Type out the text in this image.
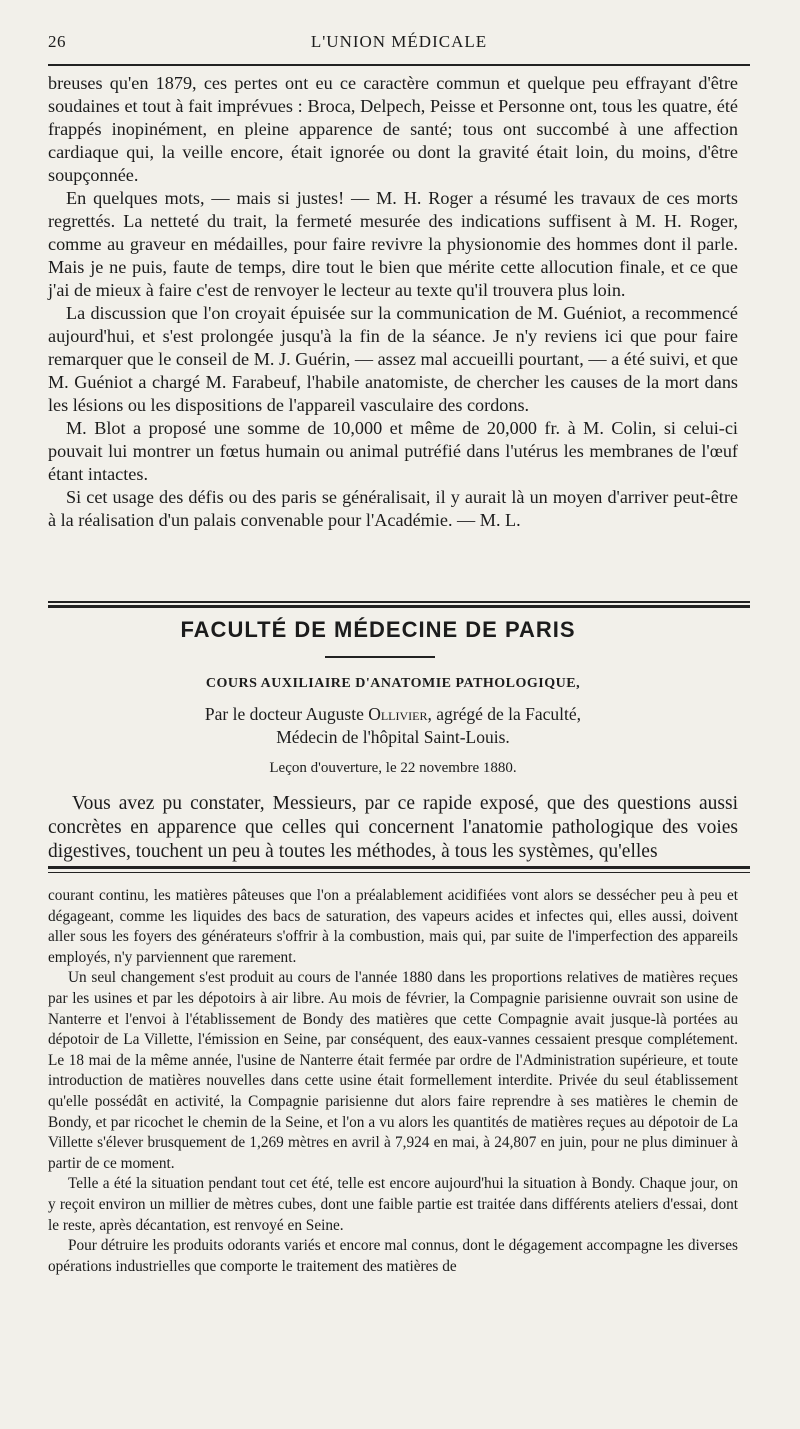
26	L'UNION MÉDICALE

breuses qu'en 1879, ces pertes ont eu ce caractère commun et quelque peu effrayant d'être soudaines et tout à fait imprévues : Broca, Delpech, Peisse et Personne ont, tous les quatre, été frappés inopinément, en pleine apparence de santé; tous ont succombé à une affection cardiaque qui, la veille encore, était ignorée ou dont la gravité était loin, du moins, d'être soupçonnée.

En quelques mots, — mais si justes! — M. H. Roger a résumé les travaux de ces morts regrettés. La netteté du trait, la fermeté mesurée des indications suffisent à M. H. Roger, comme au graveur en médailles, pour faire revivre la physionomie des hommes dont il parle. Mais je ne puis, faute de temps, dire tout le bien que mérite cette allocution finale, et ce que j'ai de mieux à faire c'est de renvoyer le lecteur au texte qu'il trouvera plus loin.

La discussion que l'on croyait épuisée sur la communication de M. Guéniot, a recommencé aujourd'hui, et s'est prolongée jusqu'à la fin de la séance. Je n'y reviens ici que pour faire remarquer que le conseil de M. J. Guérin, — assez mal accueilli pourtant, — a été suivi, et que M. Guéniot a chargé M. Farabeuf, l'habile anatomiste, de chercher les causes de la mort dans les lésions ou les dispositions de l'appareil vasculaire des cordons.

M. Blot a proposé une somme de 10,000 et même de 20,000 fr. à M. Colin, si celui-ci pouvait lui montrer un fœtus humain ou animal putréfié dans l'utérus les membranes de l'œuf étant intactes.

Si cet usage des défis ou des paris se généralisait, il y aurait là un moyen d'arriver peut-être à la réalisation d'un palais convenable pour l'Académie. — M. L.

FACULTÉ DE MÉDECINE DE PARIS
COURS AUXILIAIRE D'ANATOMIE PATHOLOGIQUE,
Par le docteur Auguste Ollivier, agrégé de la Faculté,
Médecin de l'hôpital Saint-Louis.
Leçon d'ouverture, le 22 novembre 1880.

Vous avez pu constater, Messieurs, par ce rapide exposé, que des questions aussi concrètes en apparence que celles qui concernent l'anatomie pathologique des voies digestives, touchent un peu à toutes les méthodes, à tous les systèmes, qu'elles

courant continu, les matières pâteuses que l'on a préalablement acidifiées vont alors se dessécher peu à peu et dégageant, comme les liquides des bacs de saturation, des vapeurs acides et infectes qui, elles aussi, doivent aller sous les foyers des générateurs s'offrir à la combustion, mais qui, par suite de l'imperfection des appareils employés, n'y parviennent que rarement.

Un seul changement s'est produit au cours de l'année 1880 dans les proportions relatives de matières reçues par les usines et par les dépotoirs à air libre. Au mois de février, la Compagnie parisienne ouvrait son usine de Nanterre et l'envoi à l'établissement de Bondy des matières que cette Compagnie avait jusque-là portées au dépotoir de La Villette, l'émission en Seine, par conséquent, des eaux-vannes cessaient presque complétement. Le 18 mai de la même année, l'usine de Nanterre était fermée par ordre de l'Administration supérieure, et toute introduction de matières nouvelles dans cette usine était formellement interdite. Privée du seul établissement qu'elle possédât en activité, la Compagnie parisienne dut alors faire reprendre à ses matières le chemin de Bondy, et par ricochet le chemin de la Seine, et l'on a vu alors les quantités de matières reçues au dépotoir de La Villette s'élever brusquement de 1,269 mètres en avril à 7,924 en mai, à 24,807 en juin, pour ne plus diminuer à partir de ce moment.

Telle a été la situation pendant tout cet été, telle est encore aujourd'hui la situation à Bondy. Chaque jour, on y reçoit environ un millier de mètres cubes, dont une faible partie est traitée dans différents ateliers d'essai, dont le reste, après décantation, est renvoyé en Seine.

Pour détruire les produits odorants variés et encore mal connus, dont le dégagement accompagne les diverses opérations industrielles que comporte le traitement des matières de
